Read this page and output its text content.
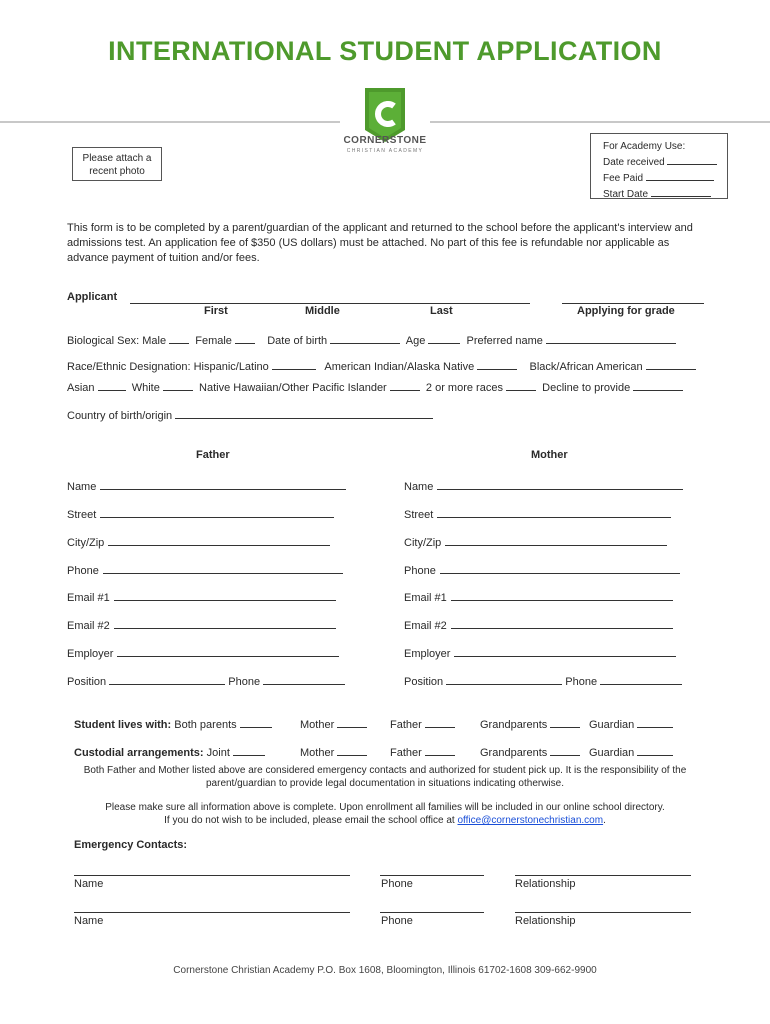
INTERNATIONAL STUDENT APPLICATION
CORNERSTONE
CHRISTIAN ACADEMY
Please attach a
recent photo
For Academy Use:
Date received
Fee Paid
Start Date
This form is to be completed by a parent/guardian of the applicant and returned to the school before the applicant's interview and admissions test. An application fee of $350 (US dollars) must be attached. No part of this fee is refundable nor applicable as advance payment of tuition and/or fees.
Applicant
First	Middle	Last	Applying for grade
Biological Sex: Male	Female	Date of birth	Age	Preferred name
Race/Ethnic Designation: Hispanic/Latino	American Indian/Alaska Native	Black/African American
Asian	White	Native Hawaiian/Other Pacific Islander	2 or more races	Decline to provide
Country of birth/origin
Father	Mother
Name	Name
Street	Street
City/Zip	City/Zip
Phone	Phone
Email #1	Email #1
Email #2	Email #2
Employer	Employer
Position	Phone	Position	Phone
Student lives with: Both parents	Mother	Father	Grandparents	Guardian
Custodial arrangements: Joint	Mother	Father	Grandparents	Guardian
Both Father and Mother listed above are considered emergency contacts and authorized for student pick up. It is the responsibility of the
parent/guardian to provide legal documentation in situations indicating otherwise.
Please make sure all information above is complete. Upon enrollment all families will be included in our online school directory.
If you do not wish to be included, please email the school office at office@cornerstonechristian.com.
Emergency Contacts:
Name	Phone	Relationship
Name	Phone	Relationship
Cornerstone Christian Academy P.O. Box 1608, Bloomington, Illinois 61702-1608 309-662-9900
